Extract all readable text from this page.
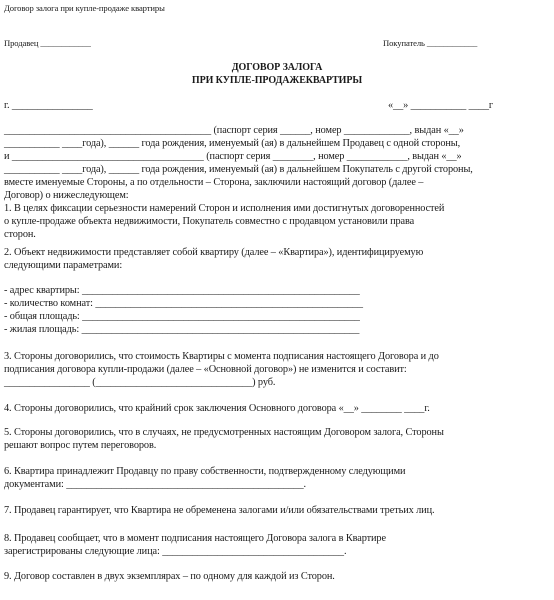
Договор залога при купле-продаже квартиры
Продавец ____________	Покупатель ____________
ДОГОВОР ЗАЛОГА
ПРИ КУПЛЕ-ПРОДАЖЕКВАРТИРЫ
г. ________________	«__» ___________ ____г
_________________________________________ (паспорт серия ______, номер _____________, выдан «__»
___________ ____года), ______ года рождения, именуемый (ая) в дальнейшем Продавец с одной стороны,
и ______________________________________ (паспорт серия ________, номер ____________, выдан «__»
___________ ____года), ______ года рождения, именуемый (ая) в дальнейшем Покупатель с другой стороны,
вместе именуемые Стороны, а по отдельности – Сторона, заключили настоящий договор (далее –
Договор) о нижеследующем:
1. В целях фиксации серьезности намерений Сторон и исполнения ими достигнутых договоренностей
о купле-продаже объекта недвижимости, Покупатель совместно с продавцом установили права
сторон.
2. Объект недвижимости представляет собой квартиру (далее – «Квартира»), идентифицируемую
следующими параметрами:
- адрес квартиры: _______________________________________________________
- количество комнат: _____________________________________________________
- общая площадь: _______________________________________________________
- жилая площадь: _______________________________________________________
3. Стороны договорились, что стоимость Квартиры с момента подписания настоящего Договора и до
подписания договора купли-продажи (далее – «Основной договор») не изменится и составит:
_________________ (_______________________________) руб.
4. Стороны договорились, что крайний срок заключения Основного договора «__» ________ ____г.
5. Стороны договорились, что в случаях, не предусмотренных настоящим Договором залога, Стороны
решают вопрос путем переговоров.
6. Квартира принадлежит Продавцу по праву собственности, подтвержденному следующими
документами: _______________________________________________.
7. Продавец гарантирует, что Квартира не обременена залогами и/или обязательствами третьих лиц.
8. Продавец сообщает, что в момент подписания настоящего Договора залога в Квартире
зарегистрированы следующие лица: ____________________________________.
9. Договор составлен в двух экземплярах – по одному для каждой из Сторон.
